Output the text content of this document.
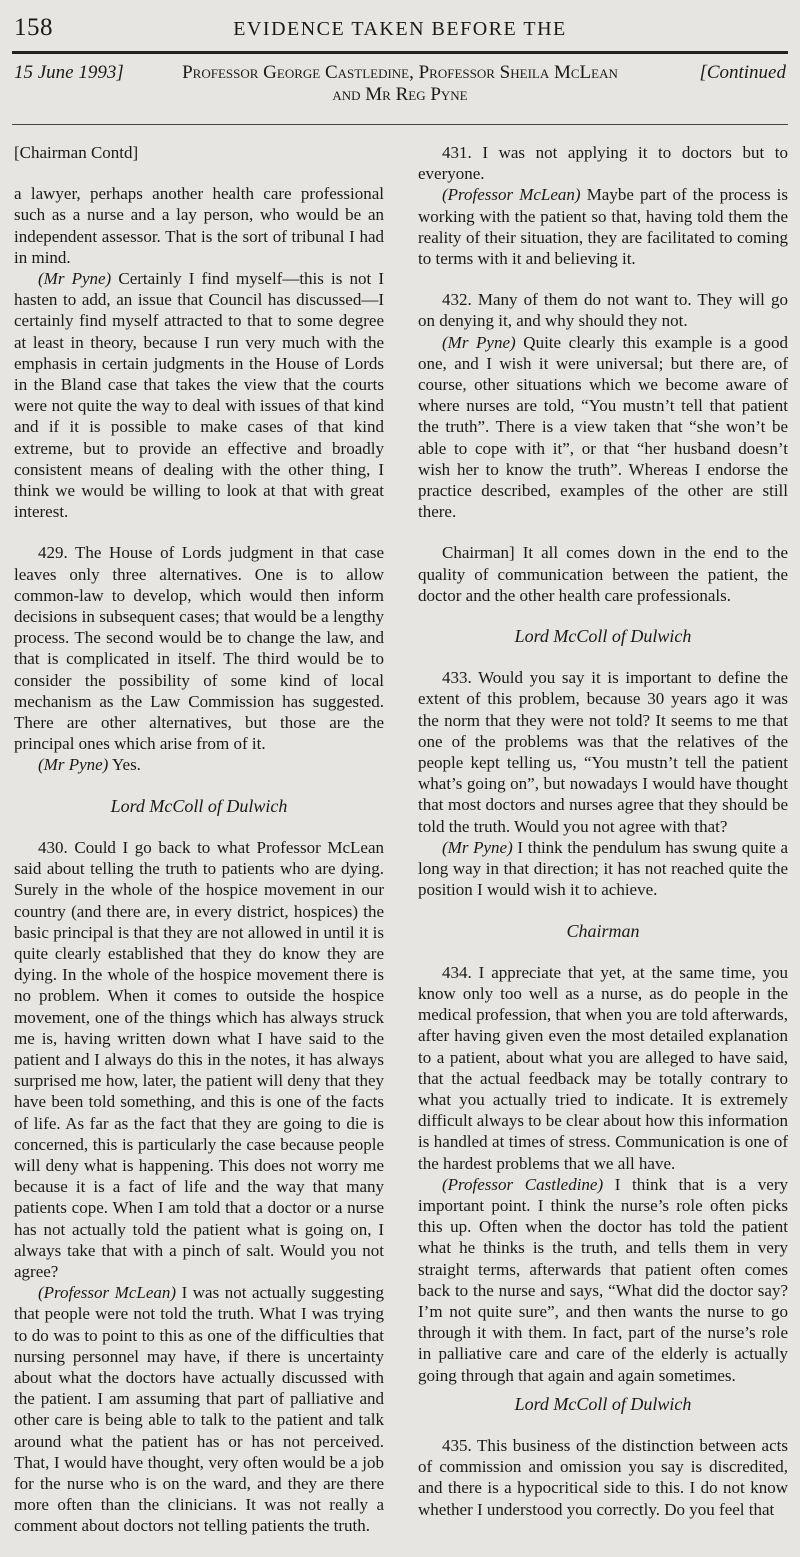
158	EVIDENCE TAKEN BEFORE THE
15 June 1993]	Professor George Castledine, Professor Sheila McLean
and Mr Reg Pyne
[Continued

[Chairman Contd]

a lawyer, perhaps another health care professional such as a nurse and a lay person, who would be an independent assessor. That is the sort of tribunal I had in mind.

(Mr Pyne) Certainly I find myself—this is not I hasten to add, an issue that Council has discussed—I certainly find myself attracted to that to some degree at least in theory, because I run very much with the emphasis in certain judgments in the House of Lords in the Bland case that takes the view that the courts were not quite the way to deal with issues of that kind and if it is possible to make cases of that kind extreme, but to provide an effective and broadly consistent means of dealing with the other thing, I think we would be willing to look at that with great interest.

429. The House of Lords judgment in that case leaves only three alternatives. One is to allow common-law to develop, which would then inform decisions in subsequent cases; that would be a lengthy process. The second would be to change the law, and that is complicated in itself. The third would be to consider the possibility of some kind of local mechanism as the Law Commission has suggested. There are other alternatives, but those are the principal ones which arise from of it.

(Mr Pyne) Yes.

Lord McColl of Dulwich

430. Could I go back to what Professor McLean said about telling the truth to patients who are dying. Surely in the whole of the hospice movement in our country (and there are, in every district, hospices) the basic principal is that they are not allowed in until it is quite clearly established that they do know they are dying. In the whole of the hospice movement there is no problem. When it comes to outside the hospice movement, one of the things which has always struck me is, having written down what I have said to the patient and I always do this in the notes, it has always surprised me how, later, the patient will deny that they have been told something, and this is one of the facts of life. As far as the fact that they are going to die is concerned, this is particularly the case because people will deny what is happening. This does not worry me because it is a fact of life and the way that many patients cope. When I am told that a doctor or a nurse has not actually told the patient what is going on, I always take that with a pinch of salt. Would you not agree?

(Professor McLean) I was not actually suggesting that people were not told the truth. What I was trying to do was to point to this as one of the difficulties that nursing personnel may have, if there is uncertainty about what the doctors have actually discussed with the patient. I am assuming that part of palliative and other care is being able to talk to the patient and talk around what the patient has or has not perceived. That, I would have thought, very often would be a job for the nurse who is on the ward, and they are there more often than the clinicians. It was not really a comment about doctors not telling patients the truth.

431. I was not applying it to doctors but to everyone.

(Professor McLean) Maybe part of the process is working with the patient so that, having told them the reality of their situation, they are facilitated to coming to terms with it and believing it.

432. Many of them do not want to. They will go on denying it, and why should they not.

(Mr Pyne) Quite clearly this example is a good one, and I wish it were universal; but there are, of course, other situations which we become aware of where nurses are told, “You mustn’t tell that patient the truth”. There is a view taken that “she won’t be able to cope with it”, or that “her husband doesn’t wish her to know the truth”. Whereas I endorse the practice described, examples of the other are still there.

Chairman] It all comes down in the end to the quality of communication between the patient, the doctor and the other health care professionals.

Lord McColl of Dulwich

433. Would you say it is important to define the extent of this problem, because 30 years ago it was the norm that they were not told? It seems to me that one of the problems was that the relatives of the people kept telling us, “You mustn’t tell the patient what’s going on”, but nowadays I would have thought that most doctors and nurses agree that they should be told the truth. Would you not agree with that?

(Mr Pyne) I think the pendulum has swung quite a long way in that direction; it has not reached quite the position I would wish it to achieve.

Chairman

434. I appreciate that yet, at the same time, you know only too well as a nurse, as do people in the medical profession, that when you are told afterwards, after having given even the most detailed explanation to a patient, about what you are alleged to have said, that the actual feedback may be totally contrary to what you actually tried to indicate. It is extremely difficult always to be clear about how this information is handled at times of stress. Communication is one of the hardest problems that we all have.

(Professor Castledine) I think that is a very important point. I think the nurse’s role often picks this up. Often when the doctor has told the patient what he thinks is the truth, and tells them in very straight terms, afterwards that patient often comes back to the nurse and says, “What did the doctor say? I’m not quite sure”, and then wants the nurse to go through it with them. In fact, part of the nurse’s role in palliative care and care of the elderly is actually going through that again and again sometimes.

Lord McColl of Dulwich

435. This business of the distinction between acts of commission and omission you say is discredited, and there is a hypocritical side to this. I do not know whether I understood you correctly. Do you feel that
